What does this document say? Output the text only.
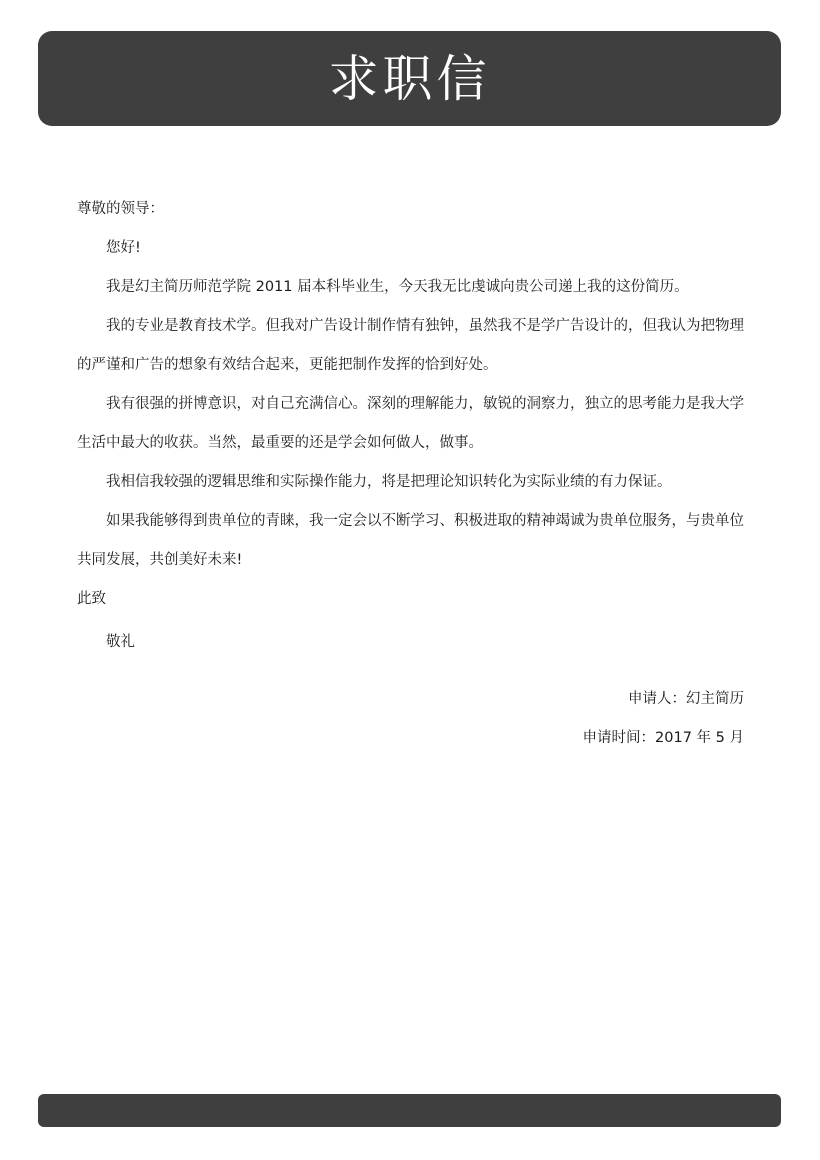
求职信
尊敬的领导：
您好!
我是幻主简历师范学院 2011 届本科毕业生，今天我无比虔诚向贵公司递上我的这份简历。
我的专业是教育技术学。但我对广告设计制作情有独钟，虽然我不是学广告设计的，但我认为把物理的严谨和广告的想象有效结合起来，更能把制作发挥的恰到好处。
我有很强的拼博意识，对自己充满信心。深刻的理解能力，敏锐的洞察力，独立的思考能力是我大学生活中最大的收获。当然，最重要的还是学会如何做人，做事。
我相信我较强的逻辑思维和实际操作能力，将是把理论知识转化为实际业绩的有力保证。
如果我能够得到贵单位的青睐，我一定会以不断学习、积极进取的精神竭诚为贵单位服务，与贵单位共同发展，共创美好未来!
此致
敬礼
申请人：幻主简历
申请时间：2017 年 5 月
